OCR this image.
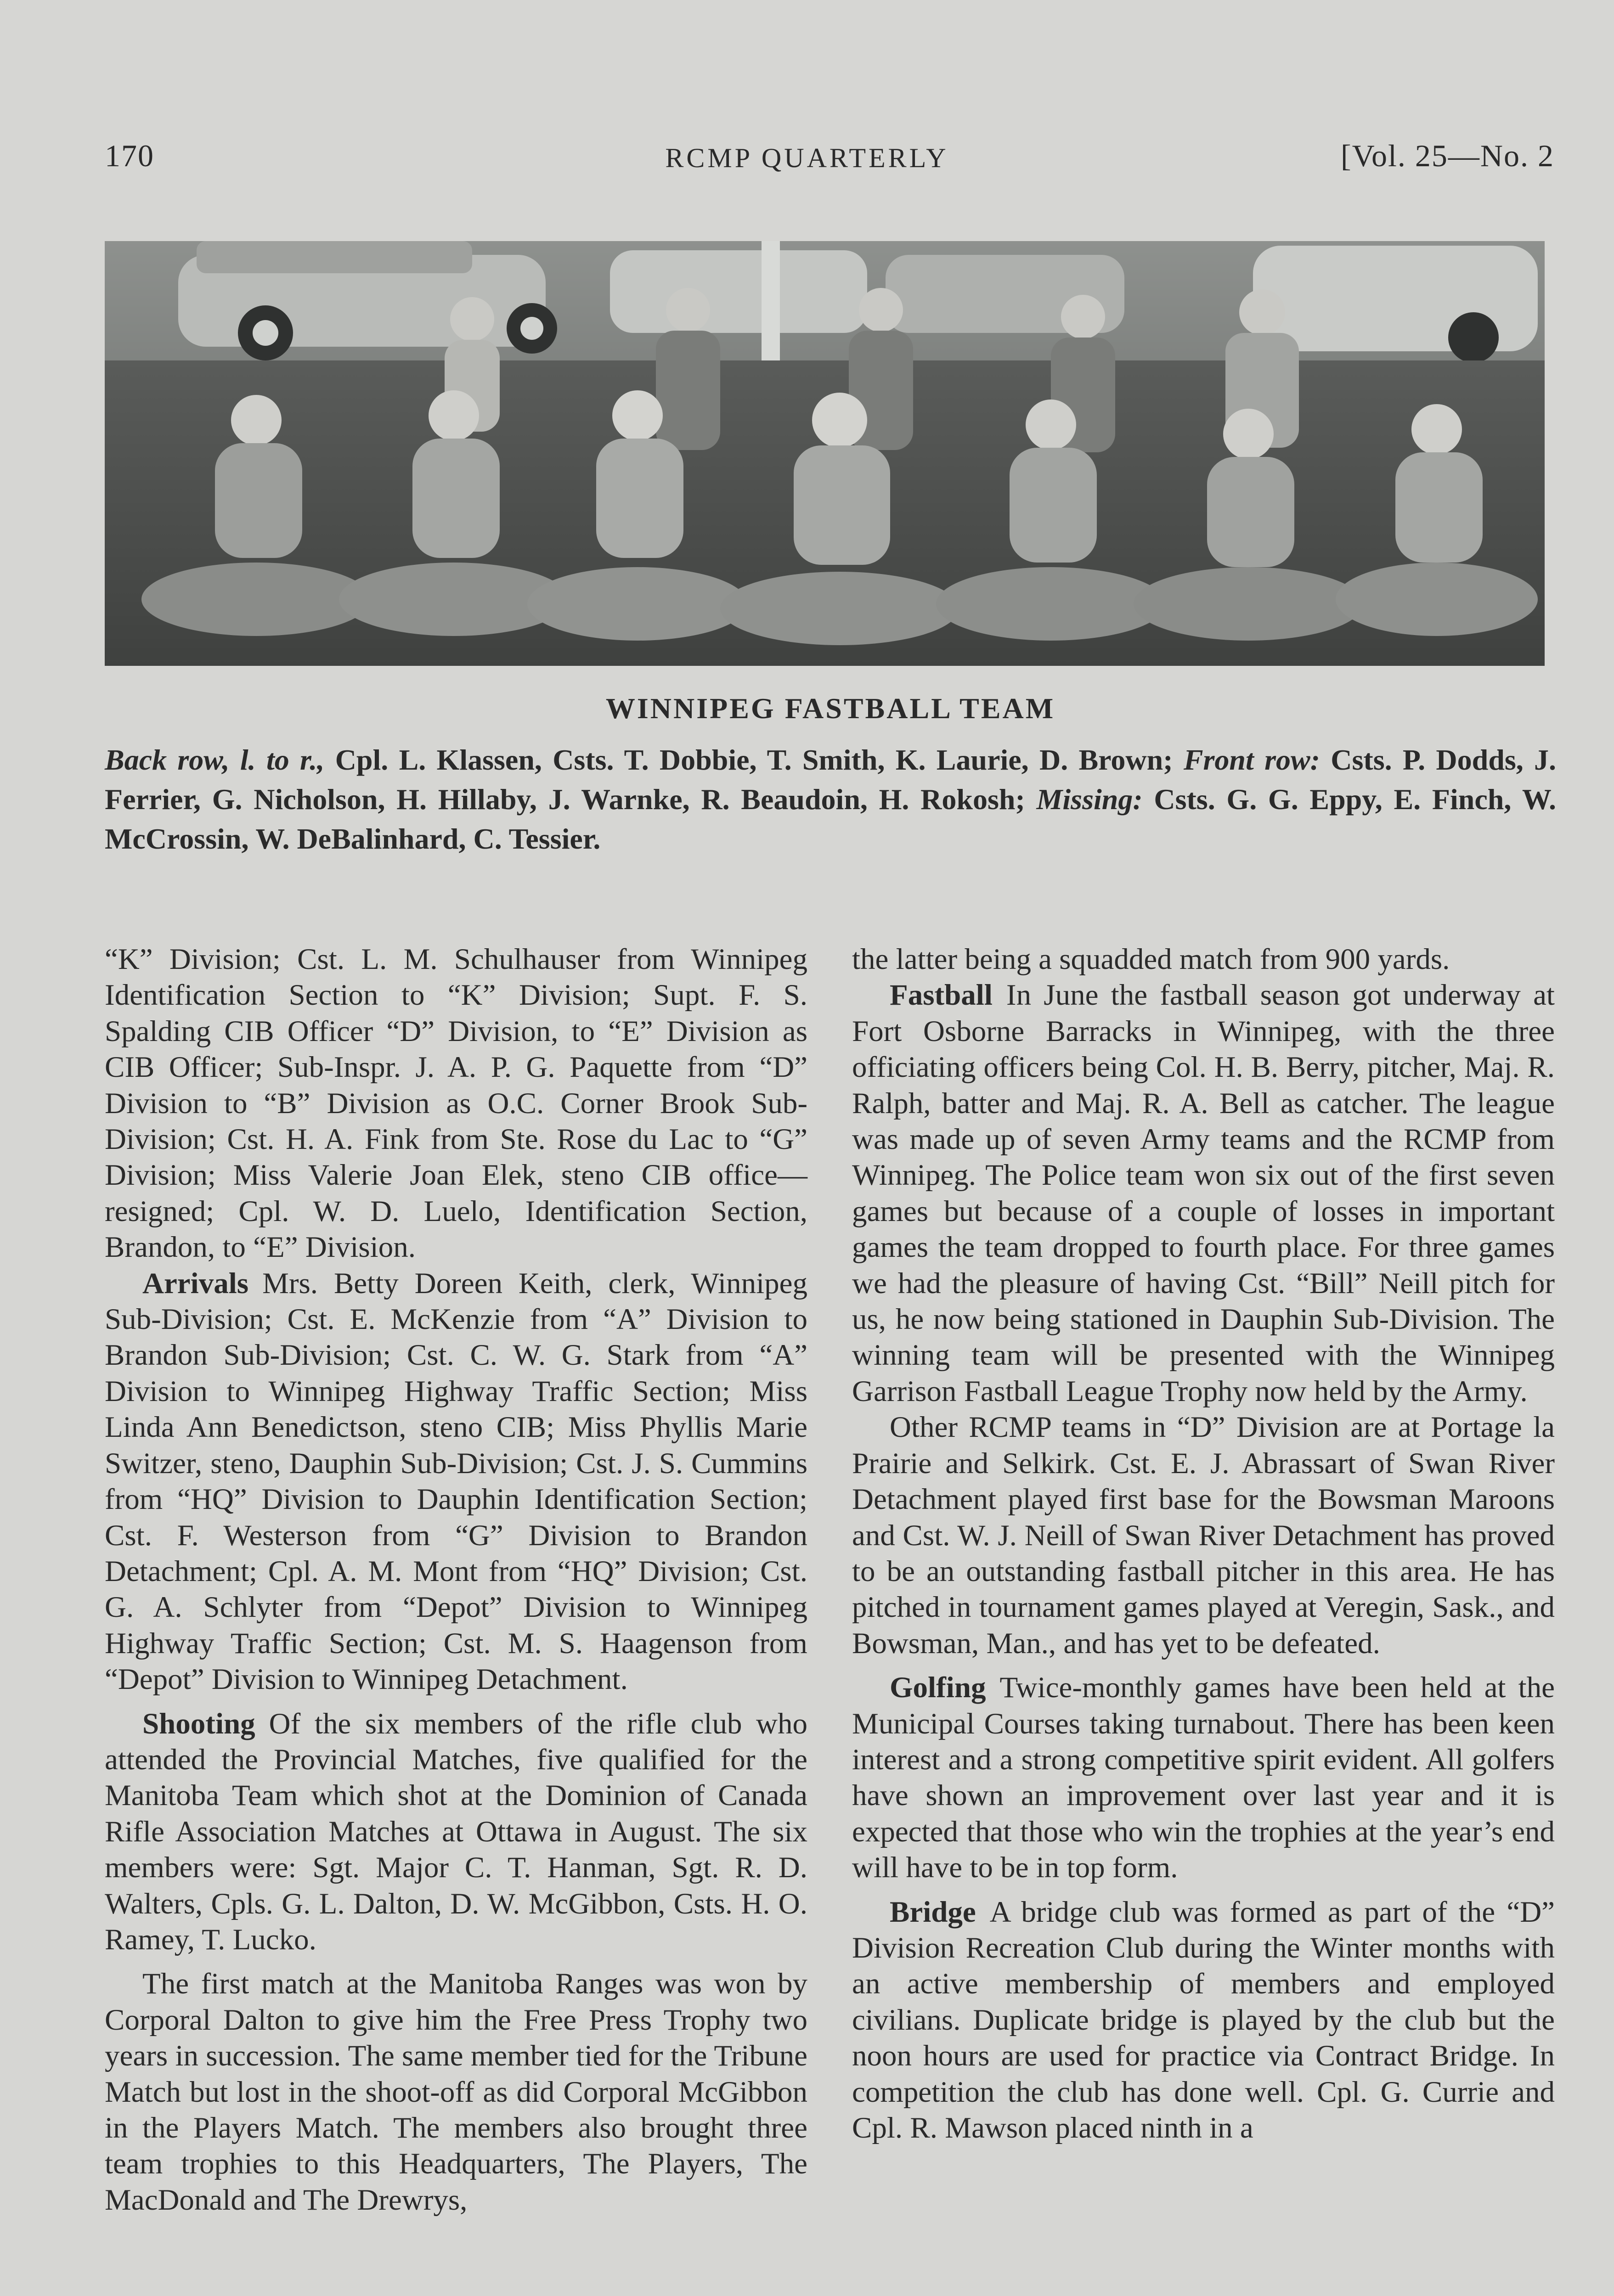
170	RCMP QUARTERLY	[Vol. 25—No. 2
WINNIPEG FASTBALL TEAM
Back row, l. to r., Cpl. L. Klassen, Csts. T. Dobbie, T. Smith, K. Laurie, D. Brown; Front row: Csts. P. Dodds, J. Ferrier, G. Nicholson, H. Hillaby, J. Warnke, R. Beaudoin, H. Rokosh; Missing: Csts. G. G. Eppy, E. Finch, W. McCrossin, W. DeBalinhard, C. Tessier.

“K” Division; Cst. L. M. Schulhauser from Winnipeg Identification Section to “K” Division; Supt. F. S. Spalding CIB Officer “D” Division, to “E” Division as CIB Officer; Sub-Inspr. J. A. P. G. Paquette from “D” Division to “B” Division as O.C. Corner Brook Sub-Division; Cst. H. A. Fink from Ste. Rose du Lac to “G” Division; Miss Valerie Joan Elek, steno CIB office—resigned; Cpl. W. D. Luelo, Identification Section, Brandon, to “E” Division.

Arrivals Mrs. Betty Doreen Keith, clerk, Winnipeg Sub-Division; Cst. E. McKenzie from “A” Division to Brandon Sub-Division; Cst. C. W. G. Stark from “A” Division to Winnipeg Highway Traffic Section; Miss Linda Ann Benedictson, steno CIB; Miss Phyllis Marie Switzer, steno, Dauphin Sub-Division; Cst. J. S. Cummins from “HQ” Division to Dauphin Identification Section; Cst. F. Westerson from “G” Division to Brandon Detachment; Cpl. A. M. Mont from “HQ” Division; Cst. G. A. Schlyter from “Depot” Division to Winnipeg Highway Traffic Section; Cst. M. S. Haagenson from “Depot” Division to Winnipeg Detachment.

Shooting Of the six members of the rifle club who attended the Provincial Matches, five qualified for the Manitoba Team which shot at the Dominion of Canada Rifle Association Matches at Ottawa in August. The six members were: Sgt. Major C. T. Hanman, Sgt. R. D. Walters, Cpls. G. L. Dalton, D. W. McGibbon, Csts. H. O. Ramey, T. Lucko.

The first match at the Manitoba Ranges was won by Corporal Dalton to give him the Free Press Trophy two years in succession. The same member tied for the Tribune Match but lost in the shoot-off as did Corporal McGibbon in the Players Match. The members also brought three team trophies to this Headquarters, The Players, The MacDonald and The Drewrys,

the latter being a squadded match from 900 yards.

Fastball In June the fastball season got underway at Fort Osborne Barracks in Winnipeg, with the three officiating officers being Col. H. B. Berry, pitcher, Maj. R. Ralph, batter and Maj. R. A. Bell as catcher. The league was made up of seven Army teams and the RCMP from Winnipeg. The Police team won six out of the first seven games but because of a couple of losses in important games the team dropped to fourth place. For three games we had the pleasure of having Cst. “Bill” Neill pitch for us, he now being stationed in Dauphin Sub-Division. The winning team will be presented with the Winnipeg Garrison Fastball League Trophy now held by the Army.

Other RCMP teams in “D” Division are at Portage la Prairie and Selkirk. Cst. E. J. Abrassart of Swan River Detachment played first base for the Bowsman Maroons and Cst. W. J. Neill of Swan River Detachment has proved to be an outstanding fastball pitcher in this area. He has pitched in tournament games played at Veregin, Sask., and Bowsman, Man., and has yet to be defeated.

Golfing Twice-monthly games have been held at the Municipal Courses taking turnabout. There has been keen interest and a strong competitive spirit evident. All golfers have shown an improvement over last year and it is expected that those who win the trophies at the year’s end will have to be in top form.

Bridge A bridge club was formed as part of the “D” Division Recreation Club during the Winter months with an active membership of members and employed civilians. Duplicate bridge is played by the club but the noon hours are used for practice via Contract Bridge. In competition the club has done well. Cpl. G. Currie and Cpl. R. Mawson placed ninth in a
